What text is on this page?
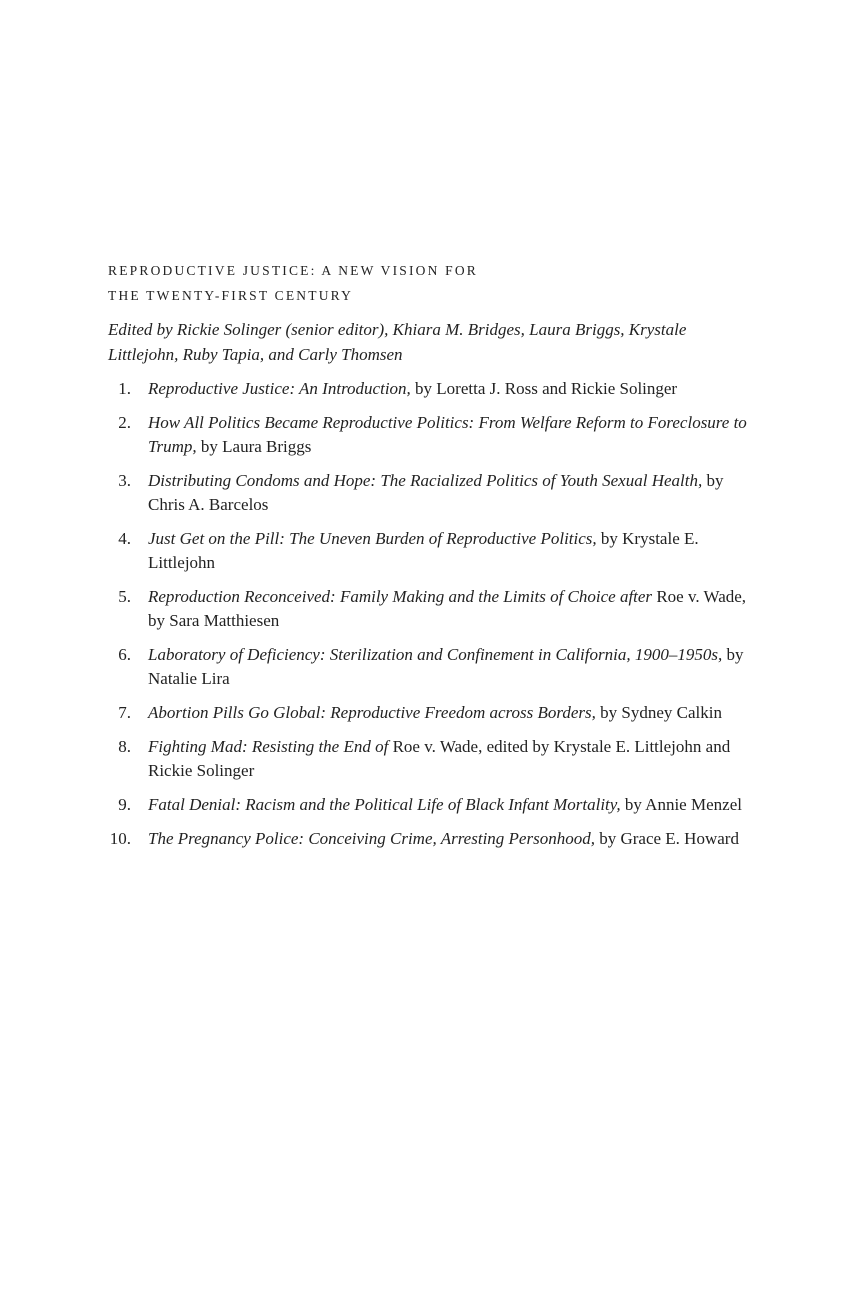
REPRODUCTIVE JUSTICE: A NEW VISION FOR
THE TWENTY-FIRST CENTURY

Edited by Rickie Solinger (senior editor), Khiara M. Bridges, Laura Briggs, Krystale Littlejohn, Ruby Tapia, and Carly Thomsen

1.	Reproductive Justice: An Introduction, by Loretta J. Ross and Rickie Solinger
2.	How All Politics Became Reproductive Politics: From Welfare Reform to Foreclosure to Trump, by Laura Briggs
3.	Distributing Condoms and Hope: The Racialized Politics of Youth Sexual Health, by Chris A. Barcelos
4.	Just Get on the Pill: The Uneven Burden of Reproductive Politics, by Krystale E. Littlejohn
5.	Reproduction Reconceived: Family Making and the Limits of Choice after Roe v. Wade, by Sara Matthiesen
6.	Laboratory of Deficiency: Sterilization and Confinement in California, 1900–1950s, by Natalie Lira
7.	Abortion Pills Go Global: Reproductive Freedom across Borders, by Sydney Calkin
8.	Fighting Mad: Resisting the End of Roe v. Wade, edited by Krystale E. Littlejohn and Rickie Solinger
9.	Fatal Denial: Racism and the Political Life of Black Infant Mortality, by Annie Menzel
10.	The Pregnancy Police: Conceiving Crime, Arresting Personhood, by Grace E. Howard
